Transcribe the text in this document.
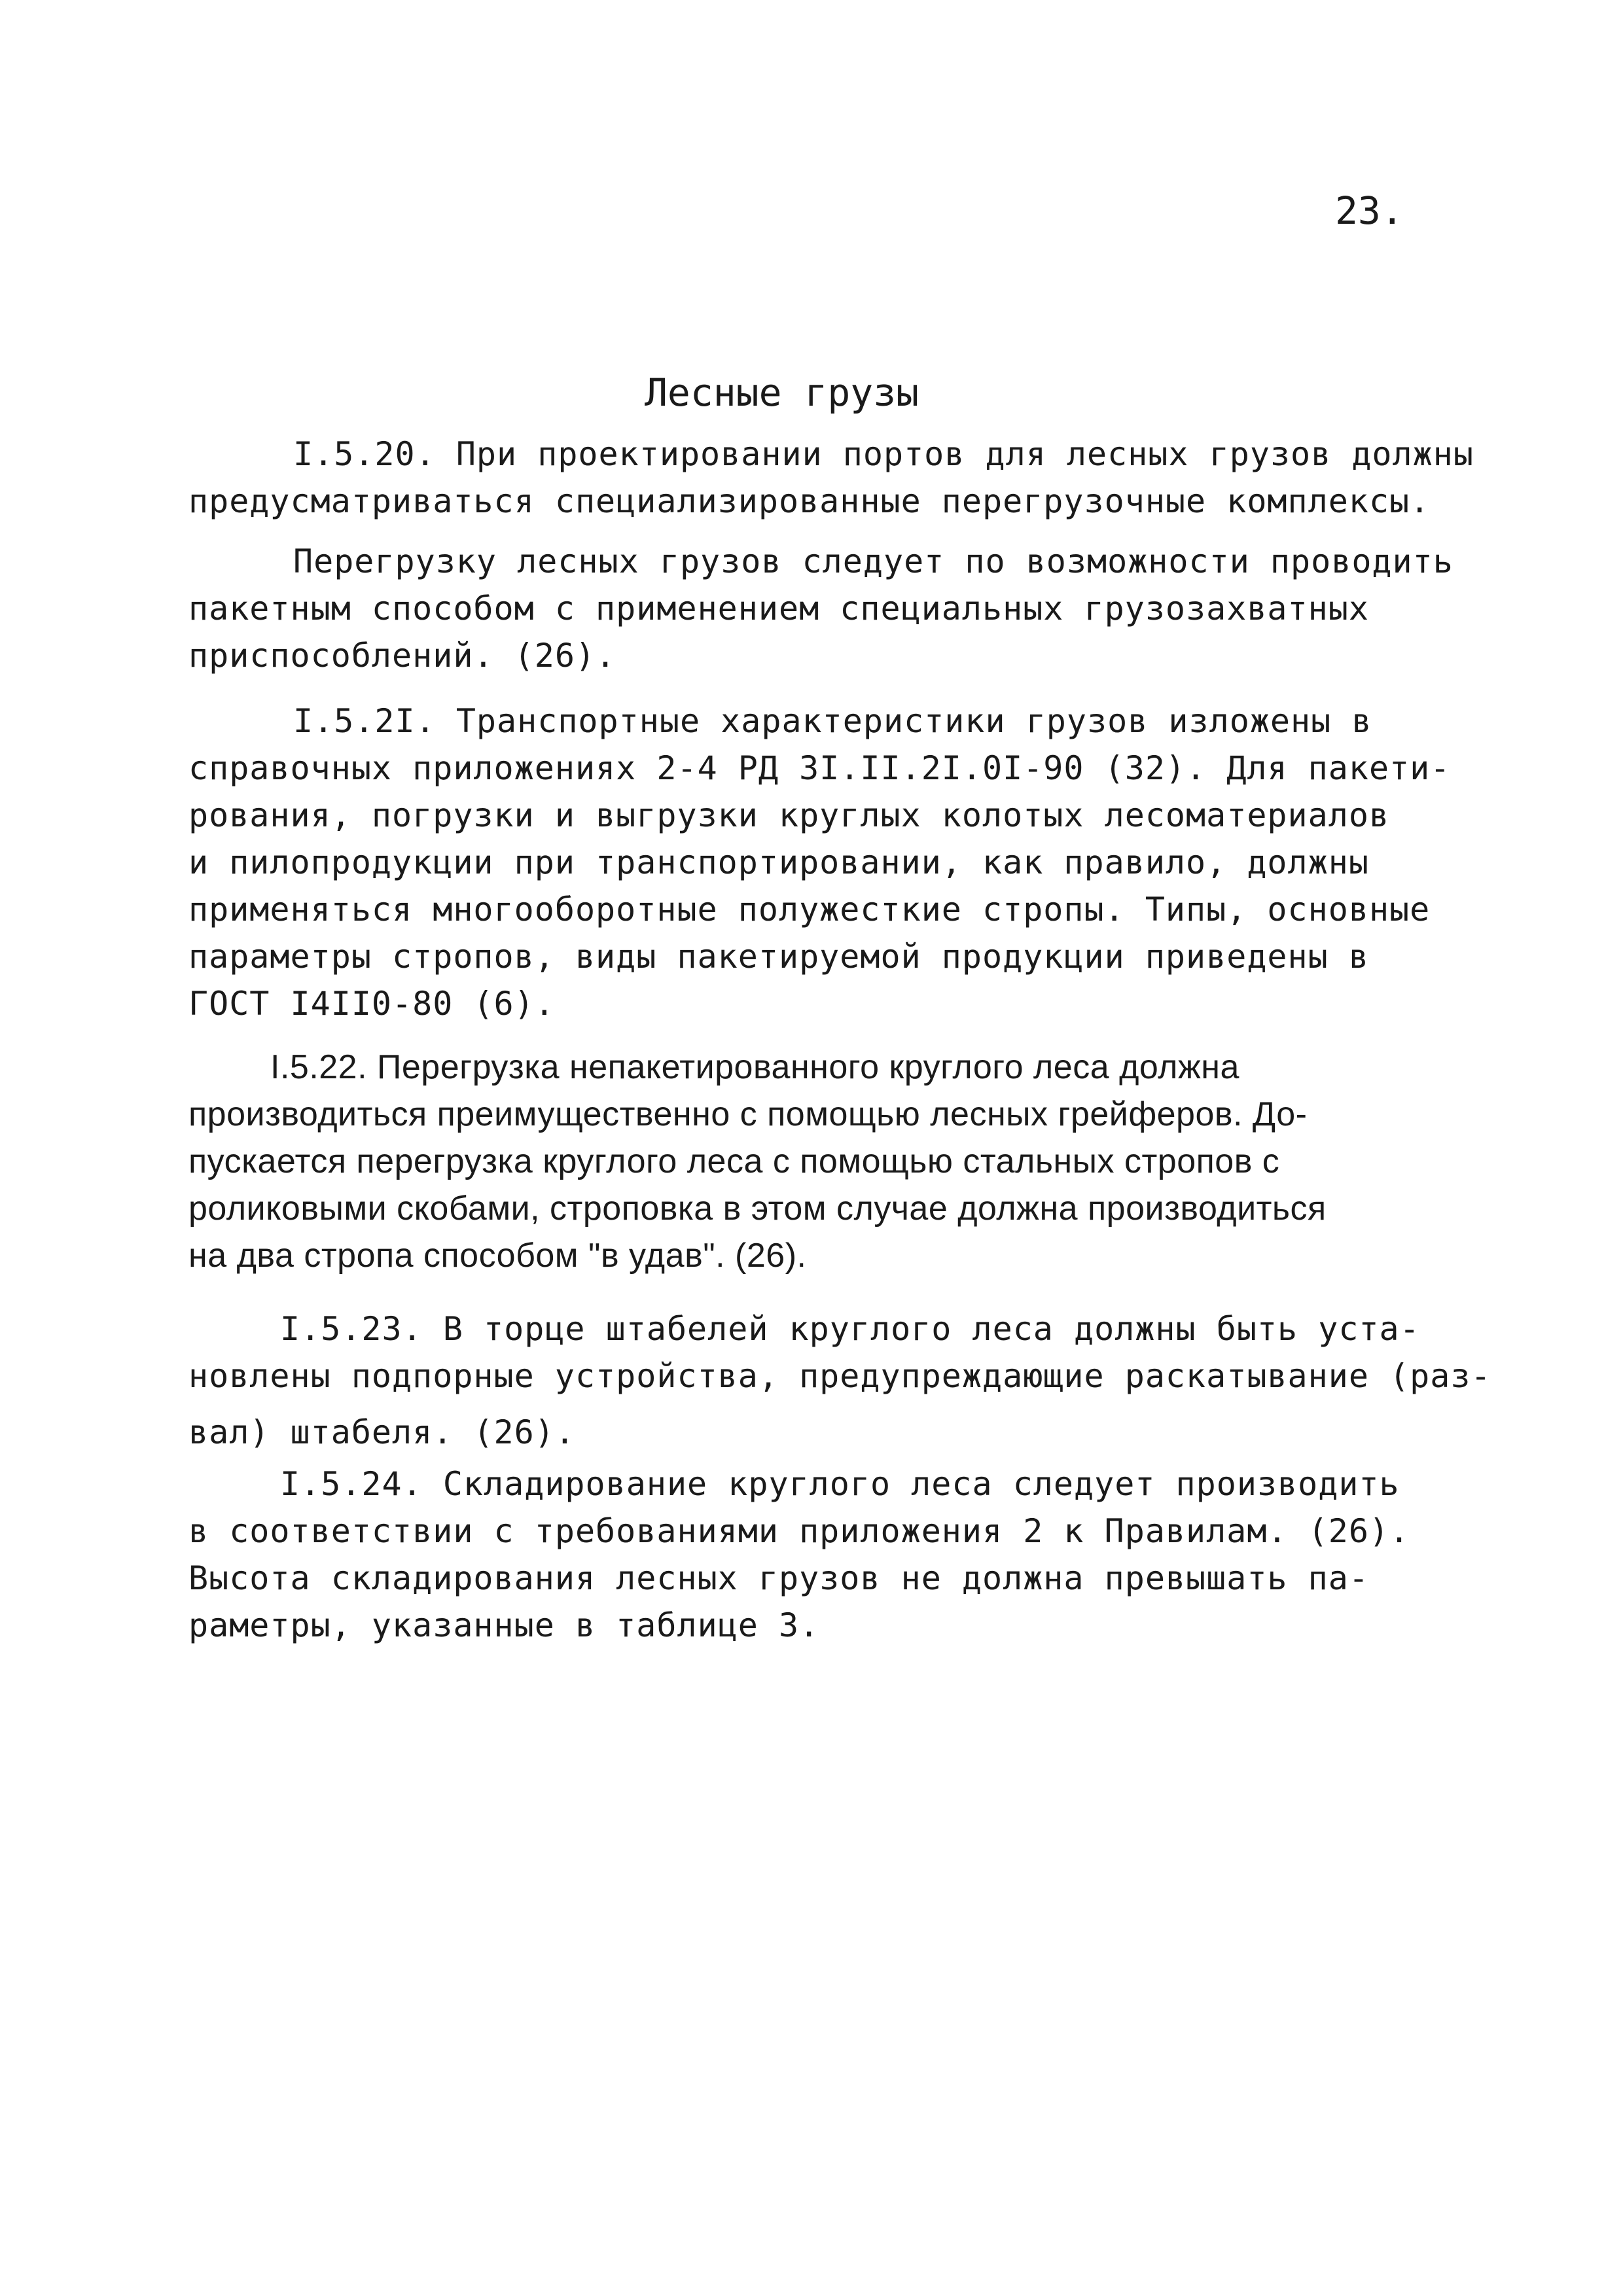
23.
Лесные грузы
I.5.20. При проектировании портов для лесных грузов должны
предусматриваться специализированные перегрузочные комплексы.
Перегрузку лесных грузов следует по возможности проводить
пакетным способом с применением специальных грузозахватных
приспособлений. (26).
I.5.2I. Транспортные характеристики грузов изложены в
справочных приложениях 2-4 РД 3I.II.2I.0I-90 (32). Для пакети-
рования, погрузки и выгрузки круглых колотых лесоматериалов
и пилопродукции при транспортировании, как правило, должны
применяться многооборотные полужесткие стропы. Типы, основные
параметры стропов, виды пакетируемой продукции приведены в
ГОСТ I4II0-80 (6).
I.5.22. Перегрузка непакетированного круглого леса должна
производиться преимущественно с помощью лесных грейферов. До-
пускается перегрузка круглого леса с помощью стальных стропов с
роликовыми скобами, строповка в этом случае должна производиться
на два стропа способом "в удав". (26).
I.5.23. В торце штабелей круглого леса должны быть уста-
новлены подпорные устройства, предупреждающие раскатывание (раз-
вал) штабеля. (26).
I.5.24. Складирование круглого леса следует производить
в соответствии с требованиями приложения 2 к Правилам. (26).
Высота складирования лесных грузов не должна превышать па-
раметры, указанные в таблице 3.
